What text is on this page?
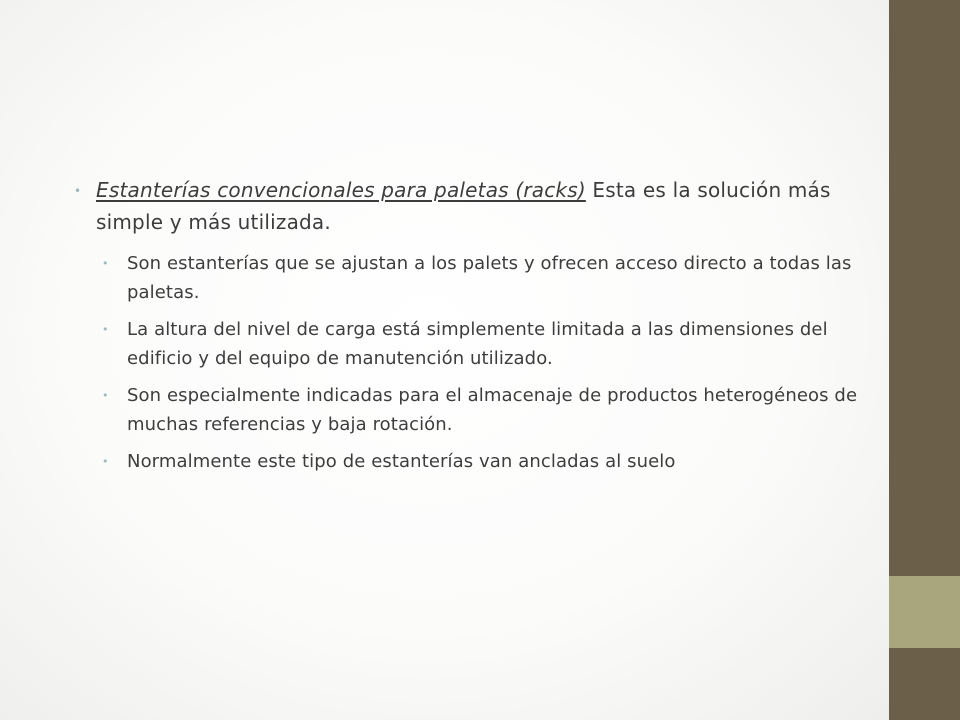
• Estanterías convencionales para paletas (racks) Esta es la solución más simple y más utilizada.
• Son estanterías que se ajustan a los palets y ofrecen acceso directo a todas las paletas.
• La altura del nivel de carga está simplemente limitada a las dimensiones del edificio y del equipo de manutención utilizado.
• Son especialmente indicadas para el almacenaje de productos heterogéneos de muchas referencias y baja rotación.
• Normalmente este tipo de estanterías van ancladas al suelo
